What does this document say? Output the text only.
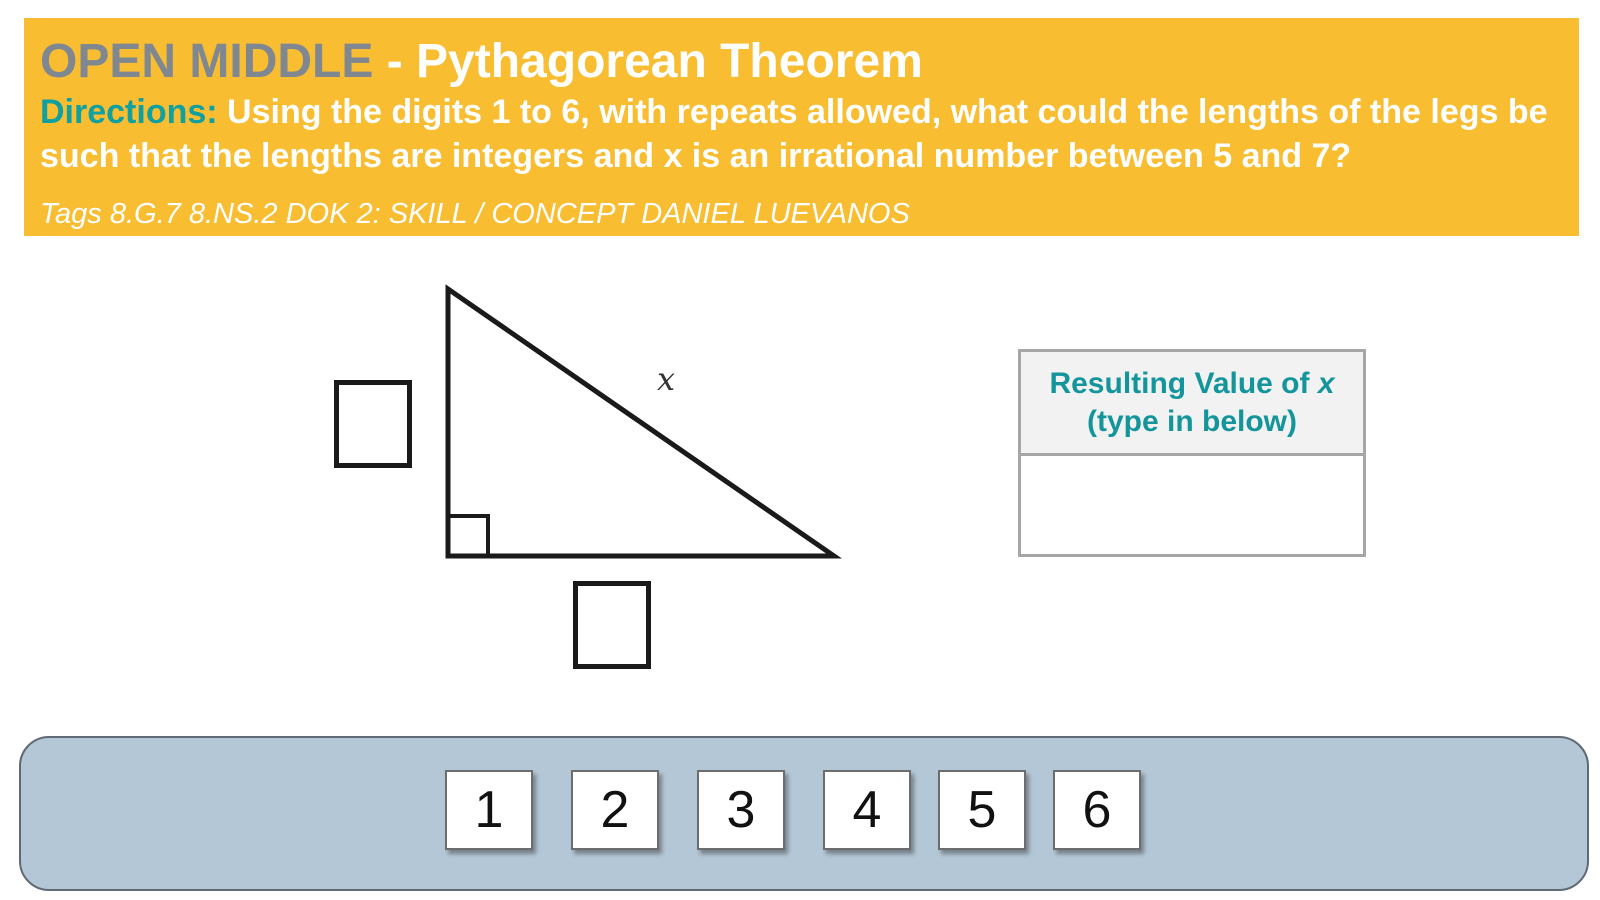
OPEN MIDDLE - Pythagorean Theorem

Directions: Using the digits 1 to 6, with repeats allowed, what could the lengths of the legs be such that the lengths are integers and x is an irrational number between 5 and 7?

Tags 8.G.7 8.NS.2 DOK 2: SKILL / CONCEPT DANIEL LUEVANOS
x	Resulting Value of x
(type in below)
1	2	3	4	5	6
